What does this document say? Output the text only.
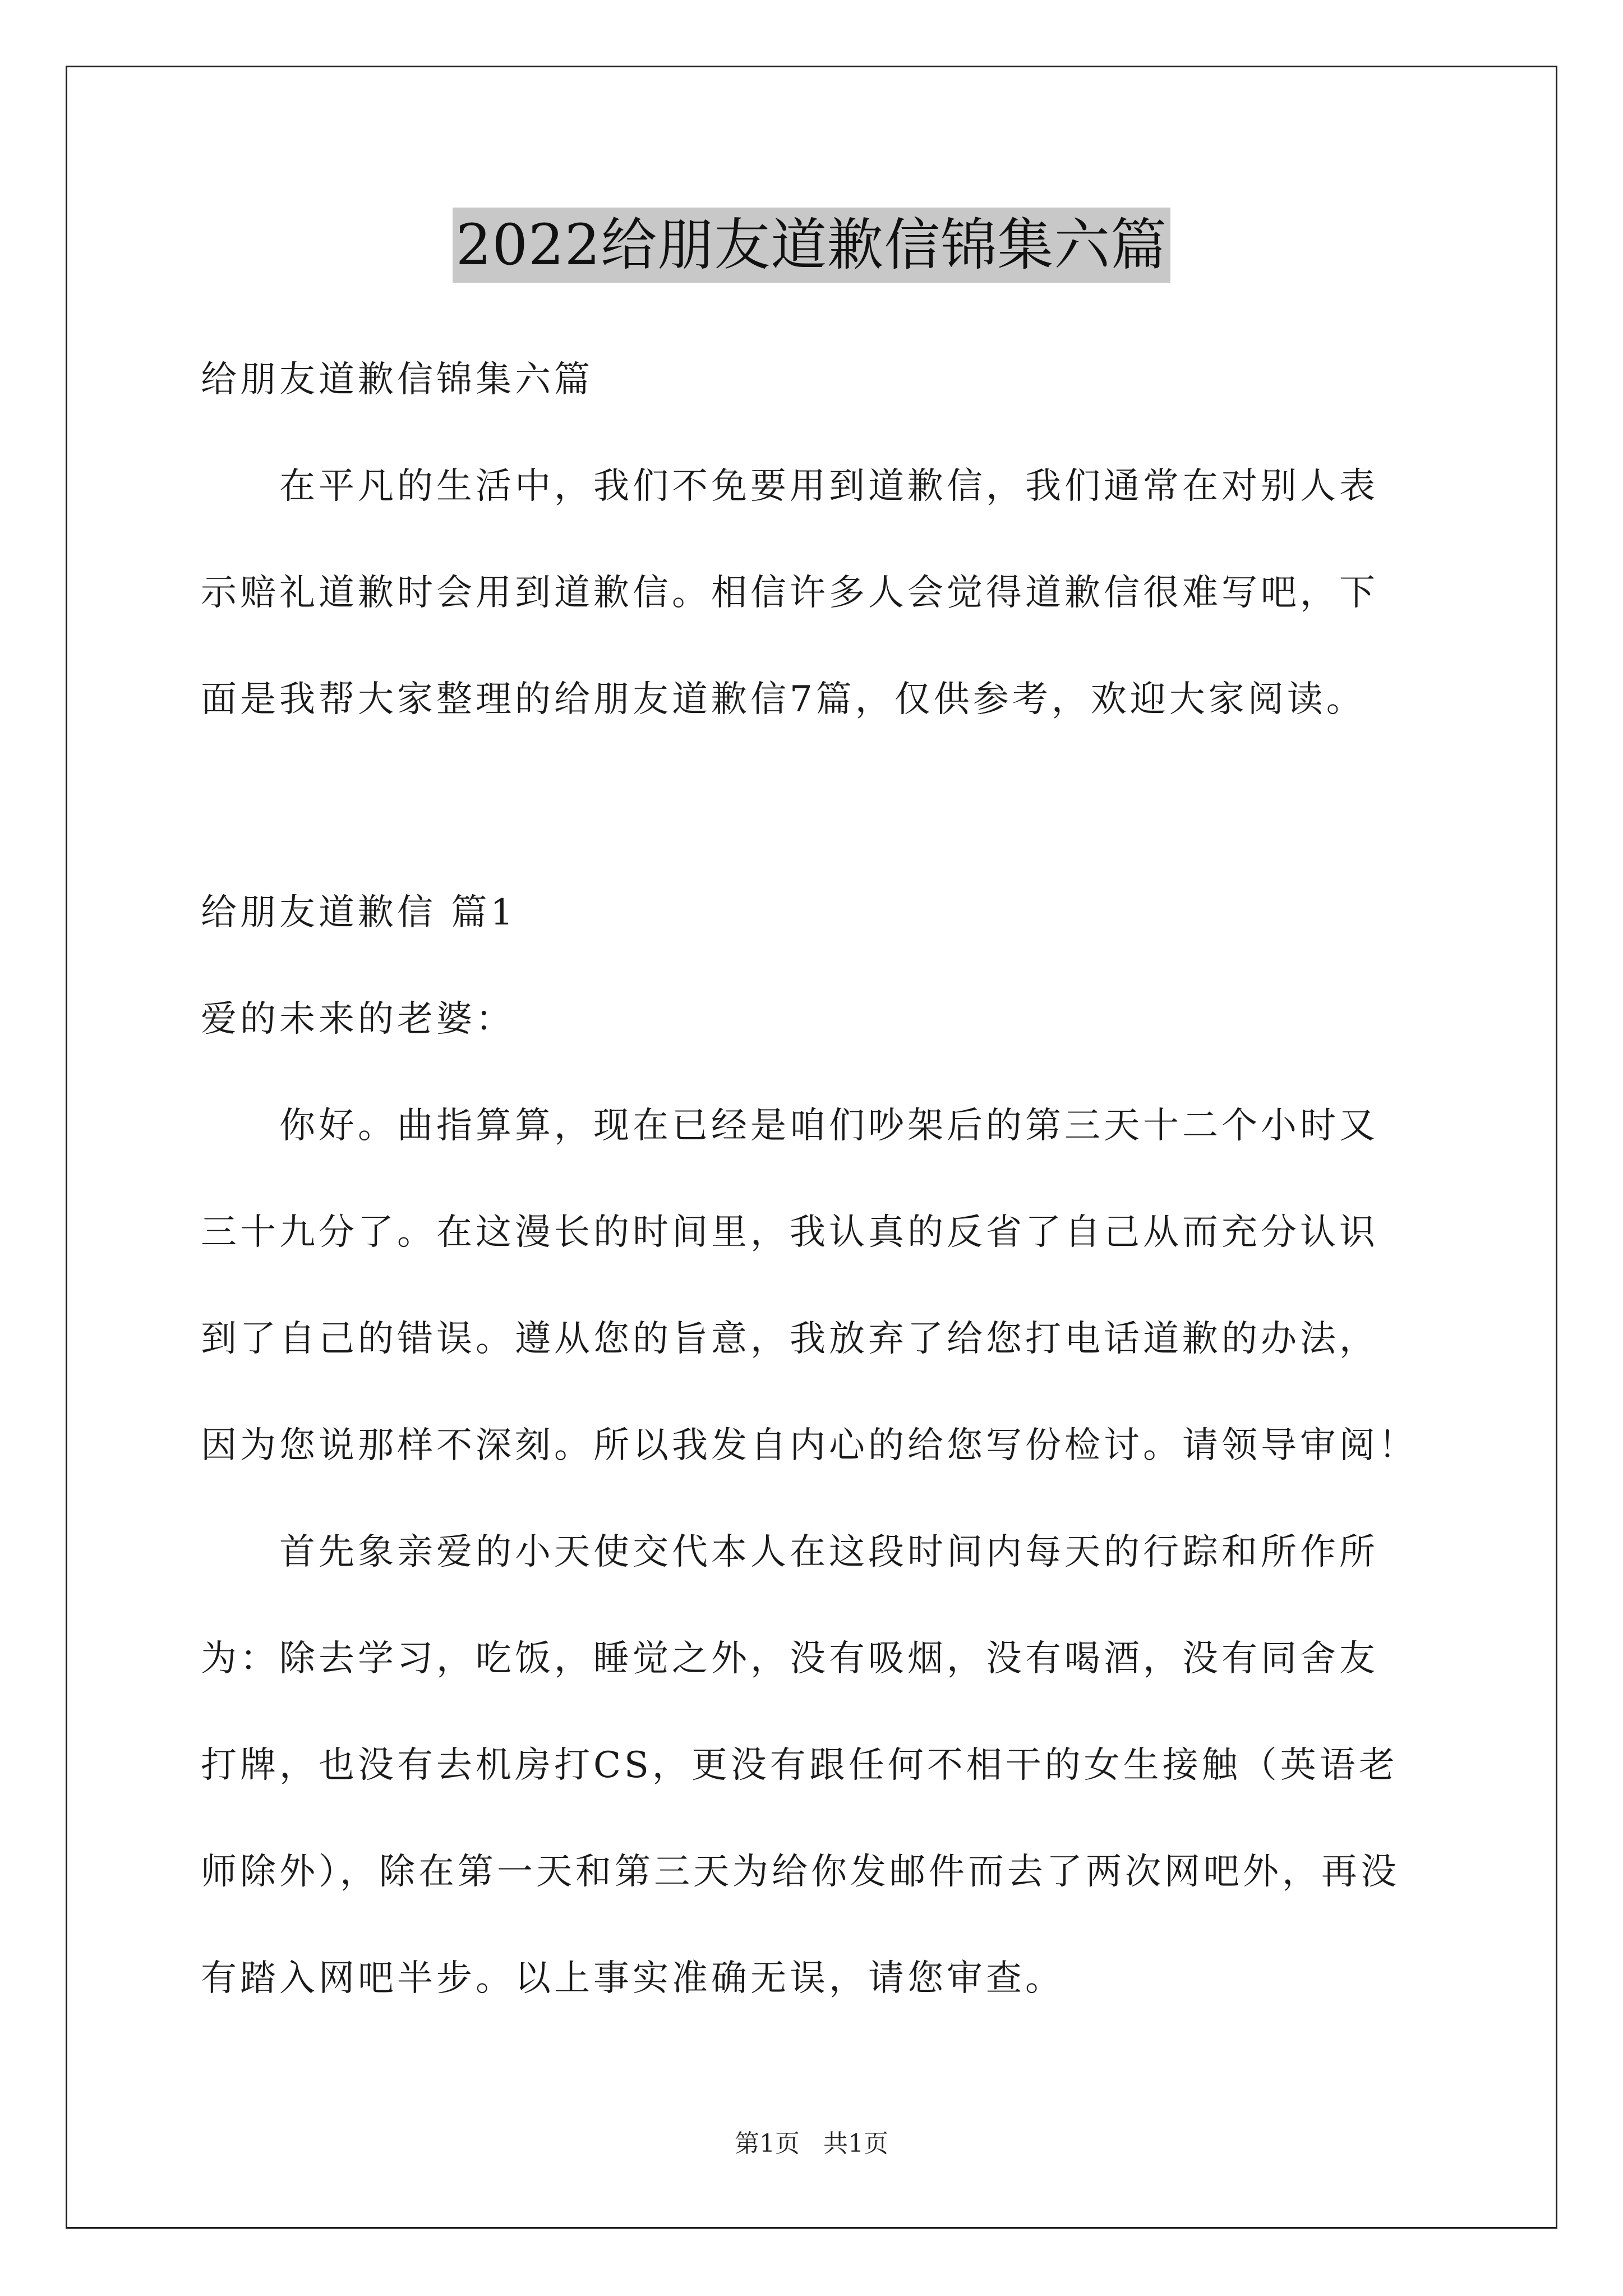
2022给朋友道歉信锦集六篇
给朋友道歉信锦集六篇
在平凡的生活中，我们不免要用到道歉信，我们通常在对别人表
示赔礼道歉时会用到道歉信。相信许多人会觉得道歉信很难写吧，下
面是我帮大家整理的给朋友道歉信7篇，仅供参考，欢迎大家阅读。
给朋友道歉信 篇1
爱的未来的老婆：
你好。曲指算算，现在已经是咱们吵架后的第三天十二个小时又
三十九分了。在这漫长的时间里，我认真的反省了自己从而充分认识
到了自己的错误。遵从您的旨意，我放弃了给您打电话道歉的办法，
因为您说那样不深刻。所以我发自内心的给您写份检讨。请领导审阅！
首先象亲爱的小天使交代本人在这段时间内每天的行踪和所作所
为：除去学习，吃饭，睡觉之外，没有吸烟，没有喝酒，没有同舍友
打牌，也没有去机房打CS，更没有跟任何不相干的女生接触（英语老
师除外），除在第一天和第三天为给你发邮件而去了两次网吧外，再没
有踏入网吧半步。以上事实准确无误，请您审查。
第1页   共1页
